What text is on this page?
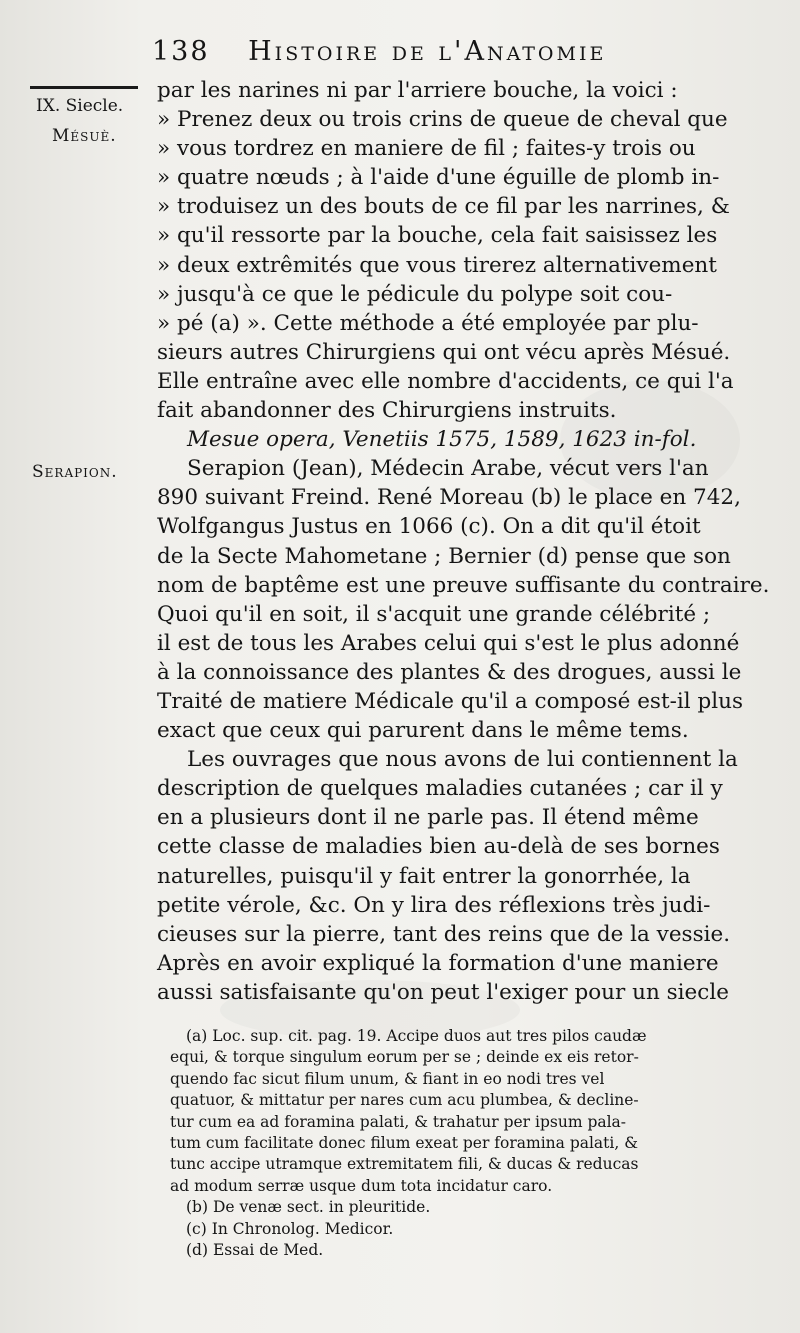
138 Histoire de l'Anatomie
IX. Siecle.
Mésuè.
Serapion.
par les narines ni par l'arriere bouche, la voici :
» Prenez deux ou trois crins de queue de cheval que
» vous tordrez en maniere de fil ; faites-y trois ou
» quatre nœuds ; à l'aide d'une éguille de plomb in-
» troduisez un des bouts de ce fil par les narrines, &
» qu'il ressorte par la bouche, cela fait saisissez les
» deux extrêmités que vous tirerez alternativement
» jusqu'à ce que le pédicule du polype soit cou-
» pé (a) ». Cette méthode a été employée par plu-
sieurs autres Chirurgiens qui ont vécu après Mésué.
Elle entraîne avec elle nombre d'accidents, ce qui l'a
fait abandonner des Chirurgiens instruits.
Mesue opera, Venetiis 1575, 1589, 1623 in-fol.
Serapion (Jean), Médecin Arabe, vécut vers l'an
890 suivant Freind. René Moreau (b) le place en 742,
Wolfgangus Justus en 1066 (c). On a dit qu'il étoit
de la Secte Mahometane ; Bernier (d) pense que son
nom de baptême est une preuve suffisante du contraire.
Quoi qu'il en soit, il s'acquit une grande célébrité ;
il est de tous les Arabes celui qui s'est le plus adonné
à la connoissance des plantes & des drogues, aussi le
Traité de matiere Médicale qu'il a composé est-il plus
exact que ceux qui parurent dans le même tems.
Les ouvrages que nous avons de lui contiennent la
description de quelques maladies cutanées ; car il y
en a plusieurs dont il ne parle pas. Il étend même
cette classe de maladies bien au-delà de ses bornes
naturelles, puisqu'il y fait entrer la gonorrhée, la
petite vérole, &c. On y lira des réflexions très judi-
cieuses sur la pierre, tant des reins que de la vessie.
Après en avoir expliqué la formation d'une maniere
aussi satisfaisante qu'on peut l'exiger pour un siecle
(a) Loc. sup. cit. pag. 19. Accipe duos aut tres pilos caudæ
equi, & torque singulum eorum per se ; deinde ex eis retor-
quendo fac sicut filum unum, & fiant in eo nodi tres vel
quatuor, & mittatur per nares cum acu plumbea, & decline-
tur cum ea ad foramina palati, & trahatur per ipsum pala-
tum cum facilitate donec filum exeat per foramina palati, &
tunc accipe utramque extremitatem fili, & ducas & reducas
ad modum serræ usque dum tota incidatur caro.
(b) De venæ sect. in pleuritide.
(c) In Chronolog. Medicor.
(d) Essai de Med.
